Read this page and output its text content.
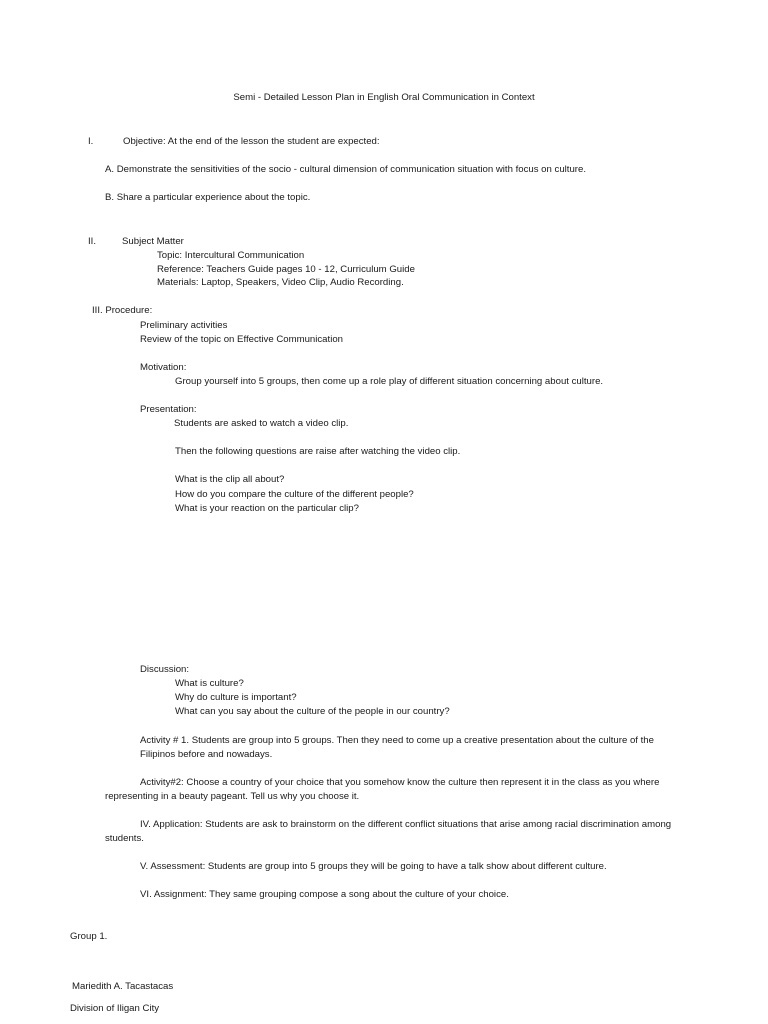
Semi - Detailed Lesson Plan in English Oral Communication in Context
I.	Objective: At the end of the lesson the student are expected:
A. Demonstrate the sensitivities of the socio - cultural dimension of communication situation with focus on culture.
B. Share a particular experience about the topic.
II.	Subject Matter
Topic: Intercultural Communication
Reference: Teachers Guide pages 10 - 12, Curriculum Guide
Materials: Laptop, Speakers, Video Clip, Audio Recording.
III. Procedure:
Preliminary activities
Review of the topic on Effective Communication
Motivation:
Group yourself into 5 groups, then come up a role play of different situation concerning about culture.
Presentation:
Students are asked to watch a video clip.
Then the following questions are raise after watching the video clip.
What is the clip all about?
How do you compare the culture of the different people?
What is your reaction on the particular clip?
Discussion:
What is culture?
Why do culture is important?
What can you say about the culture of the people in our country?
Activity # 1. Students are group into 5 groups. Then they need to come up a creative presentation about the culture of the
Filipinos before and nowadays.
Activity#2: Choose a country of your choice that you somehow know the culture then represent it in the class as you where
representing in a beauty pageant. Tell us why you choose it.
IV. Application: Students are ask to brainstorm on the different conflict situations that arise among racial discrimination among
students.
V. Assessment: Students are group into 5 groups they will be going to have a talk show about different culture.
VI. Assignment: They same grouping compose a song about the culture of your choice.
Group 1.
Mariedith A. Tacastacas
Division of Iligan City
